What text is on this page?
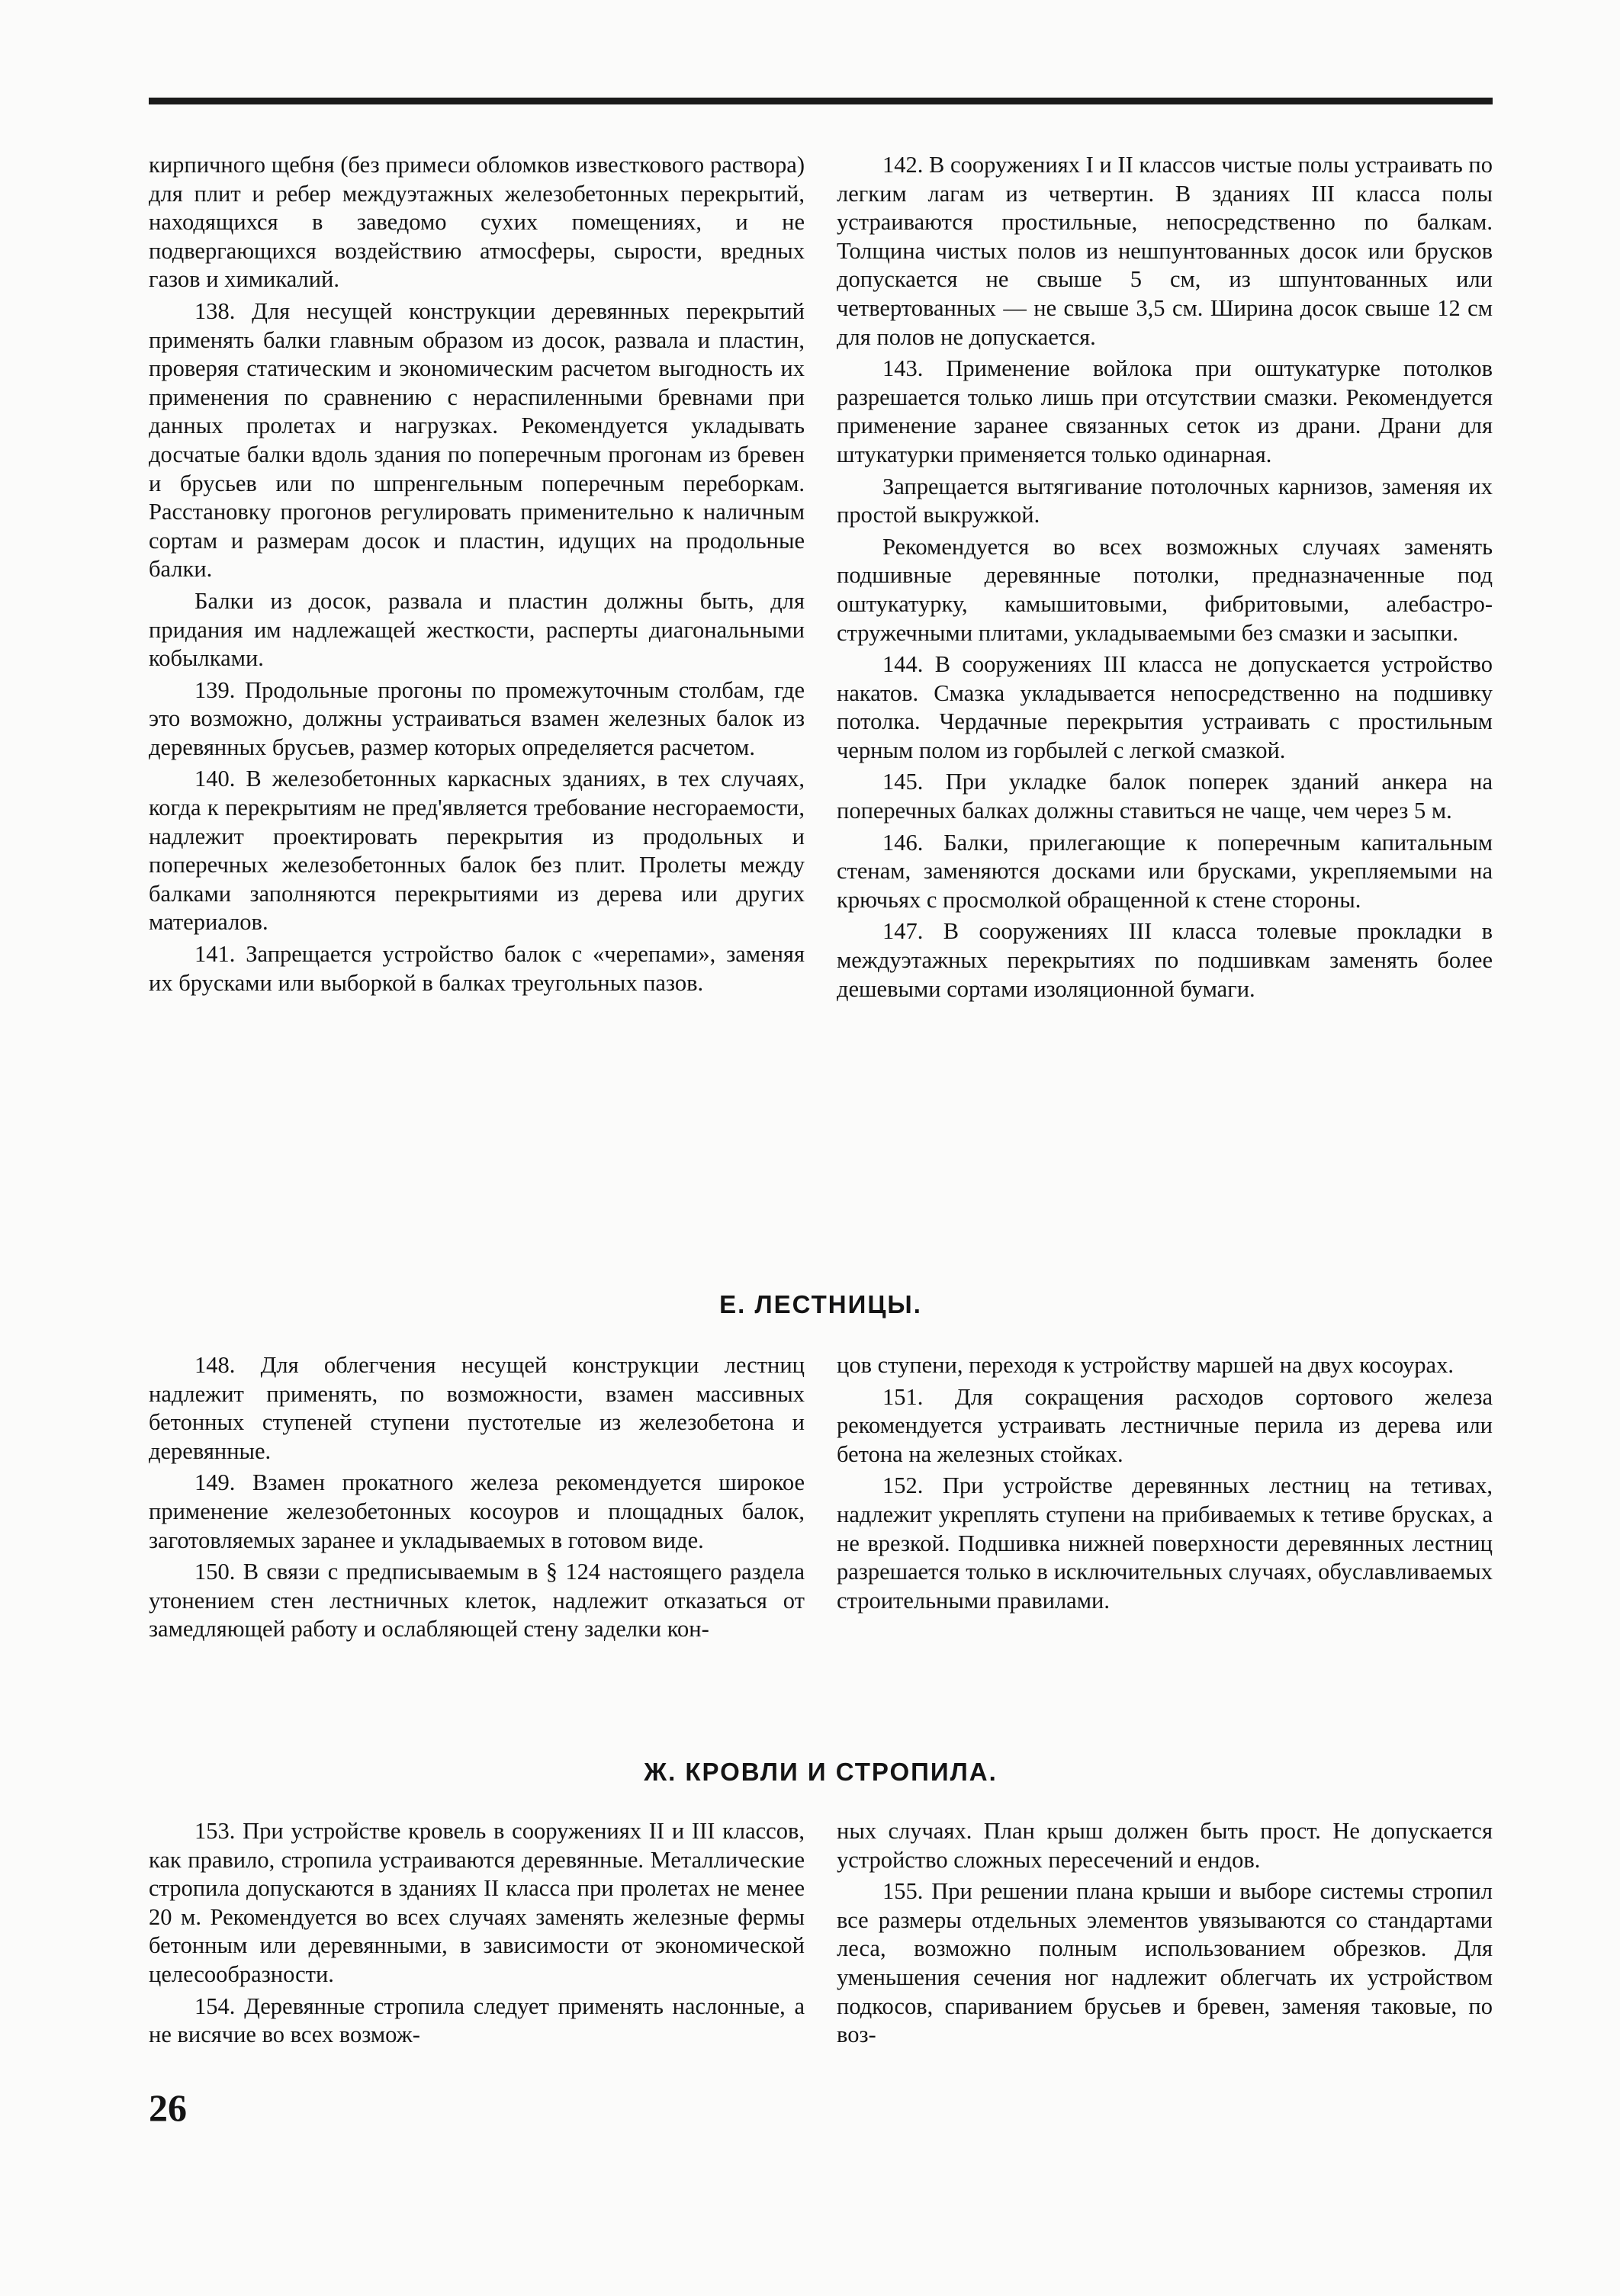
кирпичного щебня (без примеси обломков известкового раствора) для плит и ребер междуэтажных железобетонных перекрытий, находящихся в заведомо сухих помещениях, и не подвергающихся воздействию атмосферы, сырости, вредных газов и химикалий.

138. Для несущей конструкции деревянных перекрытий применять балки главным образом из досок, развала и пластин, проверяя статическим и экономическим расчетом выгодность их применения по сравнению с нераспиленными бревнами при данных пролетах и нагрузках. Рекомендуется укладывать досчатые балки вдоль здания по поперечным прогонам из бревен и брусьев или по шпренгельным поперечным переборкам. Расстановку прогонов регулировать применительно к наличным сортам и размерам досок и пластин, идущих на продольные балки.

Балки из досок, развала и пластин должны быть, для придания им надлежащей жесткости, расперты диагональными кобылками.

139. Продольные прогоны по промежуточным столбам, где это возможно, должны устраиваться взамен железных балок из деревянных брусьев, размер которых определяется расчетом.

140. В железобетонных каркасных зданиях, в тех случаях, когда к перекрытиям не пред'является требование несгораемости, надлежит проектировать перекрытия из продольных и поперечных железобетонных балок без плит. Пролеты между балками заполняются перекрытиями из дерева или других материалов.

141. Запрещается устройство балок с «черепами», заменяя их брусками или выборкой в балках треугольных пазов.

142. В сооружениях I и II классов чистые полы устраивать по легким лагам из четвертин. В зданиях III класса полы устраиваются простильные, непосредственно по балкам. Толщина чистых полов из нешпунтованных досок или брусков допускается не свыше 5 см, из шпунтованных или четвертованных — не свыше 3,5 см. Ширина досок свыше 12 см для полов не допускается.

143. Применение войлока при оштукатурке потолков разрешается только лишь при отсутствии смазки. Рекомендуется применение заранее связанных сеток из драни. Драни для штукатурки применяется только одинарная.

Запрещается вытягивание потолочных карнизов, заменяя их простой выкружкой.

Рекомендуется во всех возможных случаях заменять подшивные деревянные потолки, предназначенные под оштукатурку, камышитовыми, фибритовыми, алебастро-стружечными плитами, укладываемыми без смазки и засыпки.

144. В сооружениях III класса не допускается устройство накатов. Смазка укладывается непосредственно на подшивку потолка. Чердачные перекрытия устраивать с простильным черным полом из горбылей с легкой смазкой.

145. При укладке балок поперек зданий анкера на поперечных балках должны ставиться не чаще, чем через 5 м.

146. Балки, прилегающие к поперечным капитальным стенам, заменяются досками или брусками, укрепляемыми на крючьях с просмолкой обращенной к стене стороны.

147. В сооружениях III класса толевые прокладки в междуэтажных перекрытиях по подшивкам заменять более дешевыми сортами изоляционной бумаги.

Е. ЛЕСТНИЦЫ.

148. Для облегчения несущей конструкции лестниц надлежит применять, по возможности, взамен массивных бетонных ступеней ступени пустотелые из железобетона и деревянные.

149. Взамен прокатного железа рекомендуется широкое применение железобетонных косоуров и площадных балок, заготовляемых заранее и укладываемых в готовом виде.

150. В связи с предписываемым в § 124 настоящего раздела утонением стен лестничных клеток, надлежит отказаться от замедляющей работу и ослабляющей стену заделки кон-

цов ступени, переходя к устройству маршей на двух косоурах.

151. Для сокращения расходов сортового железа рекомендуется устраивать лестничные перила из дерева или бетона на железных стойках.

152. При устройстве деревянных лестниц на тетивах, надлежит укреплять ступени на прибиваемых к тетиве брусках, а не врезкой. Подшивка нижней поверхности деревянных лестниц разрешается только в исключительных случаях, обуславливаемых строительными правилами.

Ж. КРОВЛИ И СТРОПИЛА.

153. При устройстве кровель в сооружениях II и III классов, как правило, стропила устраиваются деревянные. Металлические стропила допускаются в зданиях II класса при пролетах не менее 20 м. Рекомендуется во всех случаях заменять железные фермы бетонным или деревянными, в зависимости от экономической целесообразности.

154. Деревянные стропила следует применять наслонные, а не висячие во всех возмож-

ных случаях. План крыш должен быть прост. Не допускается устройство сложных пересечений и ендов.

155. При решении плана крыши и выборе системы стропил все размеры отдельных элементов увязываются со стандартами леса, возможно полным использованием обрезков. Для уменьшения сечения ног надлежит облегчать их устройством подкосов, спариванием брусьев и бревен, заменяя таковые, по воз-

26
